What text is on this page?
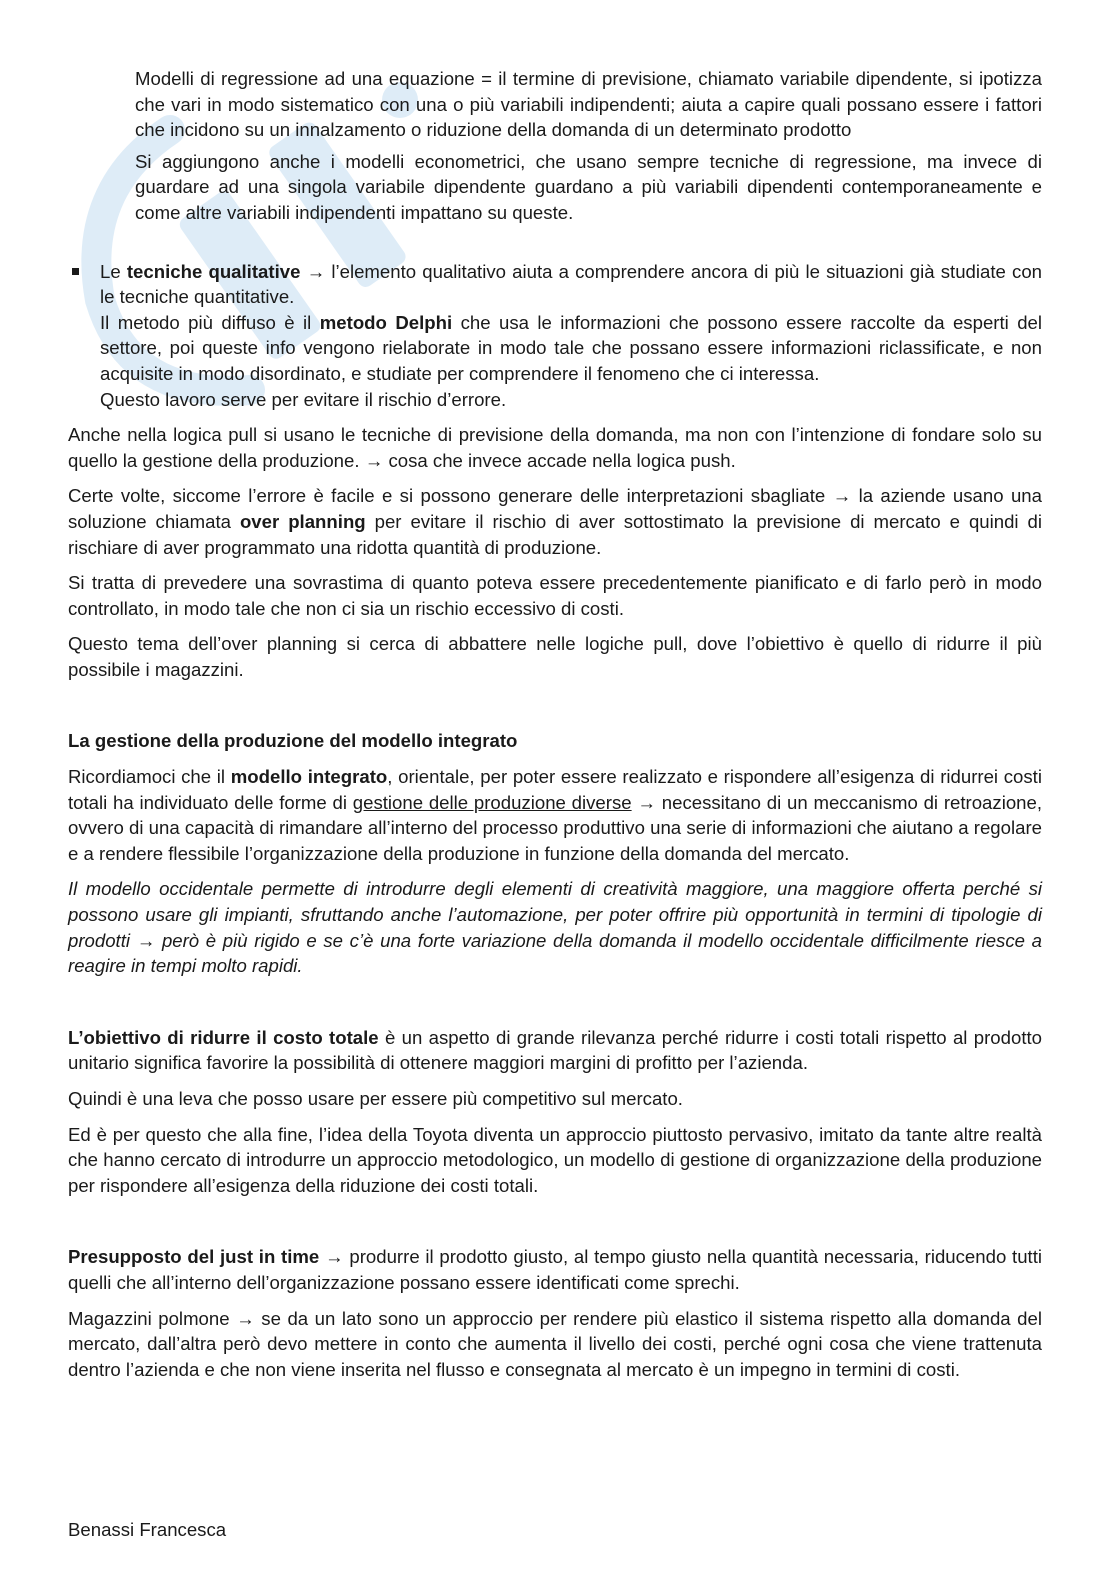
Modelli di regressione ad una equazione = il termine di previsione, chiamato variabile dipendente, si ipotizza che vari in modo sistematico con una o più variabili indipendenti; aiuta a capire quali possano essere i fattori che incidono su un innalzamento o riduzione della domanda di un determinato prodotto

Si aggiungono anche i modelli econometrici, che usano sempre tecniche di regressione, ma invece di guardare ad una singola variabile dipendente guardano a più variabili dipendenti contemporaneamente e come altre variabili indipendenti impattano su queste.

Le tecniche qualitative → l’elemento qualitativo aiuta a comprendere ancora di più le situazioni già studiate con le tecniche quantitative.

Il metodo più diffuso è il metodo Delphi che usa le informazioni che possono essere raccolte da esperti del settore, poi queste info vengono rielaborate in modo tale che possano essere informazioni riclassificate, e non acquisite in modo disordinato, e studiate per comprendere il fenomeno che ci interessa.

Questo lavoro serve per evitare il rischio d’errore.

Anche nella logica pull si usano le tecniche di previsione della domanda, ma non con l’intenzione di fondare solo su quello la gestione della produzione. → cosa che invece accade nella logica push.

Certe volte, siccome l’errore è facile e si possono generare delle interpretazioni sbagliate → la aziende usano una soluzione chiamata over planning per evitare il rischio di aver sottostimato la previsione di mercato e quindi di rischiare di aver programmato una ridotta quantità di produzione.

Si tratta di prevedere una sovrastima di quanto poteva essere precedentemente pianificato e di farlo però in modo controllato, in modo tale che non ci sia un rischio eccessivo di costi.

Questo tema dell’over planning si cerca di abbattere nelle logiche pull, dove l’obiettivo è quello di ridurre il più possibile i magazzini.

La gestione della produzione del modello integrato

Ricordiamoci che il modello integrato, orientale, per poter essere realizzato e rispondere all’esigenza di ridurrei costi totali ha individuato delle forme di gestione delle produzione diverse → necessitano di un meccanismo di retroazione, ovvero di una capacità di rimandare all’interno del processo produttivo una serie di informazioni che aiutano a regolare e a rendere flessibile l’organizzazione della produzione in funzione della domanda del mercato.

Il modello occidentale permette di introdurre degli elementi di creatività maggiore, una maggiore offerta perché si possono usare gli impianti, sfruttando anche l’automazione, per poter offrire più opportunità in termini di tipologie di prodotti → però è più rigido e se c’è una forte variazione della domanda il modello occidentale difficilmente riesce a reagire in tempi molto rapidi.

L’obiettivo di ridurre il costo totale è un aspetto di grande rilevanza perché ridurre i costi totali rispetto al prodotto unitario significa favorire la possibilità di ottenere maggiori margini di profitto per l’azienda.

Quindi è una leva che posso usare per essere più competitivo sul mercato.

Ed è per questo che alla fine, l’idea della Toyota diventa un approccio piuttosto pervasivo, imitato da tante altre realtà che hanno cercato di introdurre un approccio metodologico, un modello di gestione di organizzazione della produzione per rispondere all’esigenza della riduzione dei costi totali.

Presupposto del just in time → produrre il prodotto giusto, al tempo giusto nella quantità necessaria, riducendo tutti quelli che all’interno dell’organizzazione possano essere identificati come sprechi.

Magazzini polmone → se da un lato sono un approccio per rendere più elastico il sistema rispetto alla domanda del mercato, dall’altra però devo mettere in conto che aumenta il livello dei costi, perché ogni cosa che viene trattenuta dentro l’azienda e che non viene inserita nel flusso e consegnata al mercato è un impegno in termini di costi.

Benassi Francesca
